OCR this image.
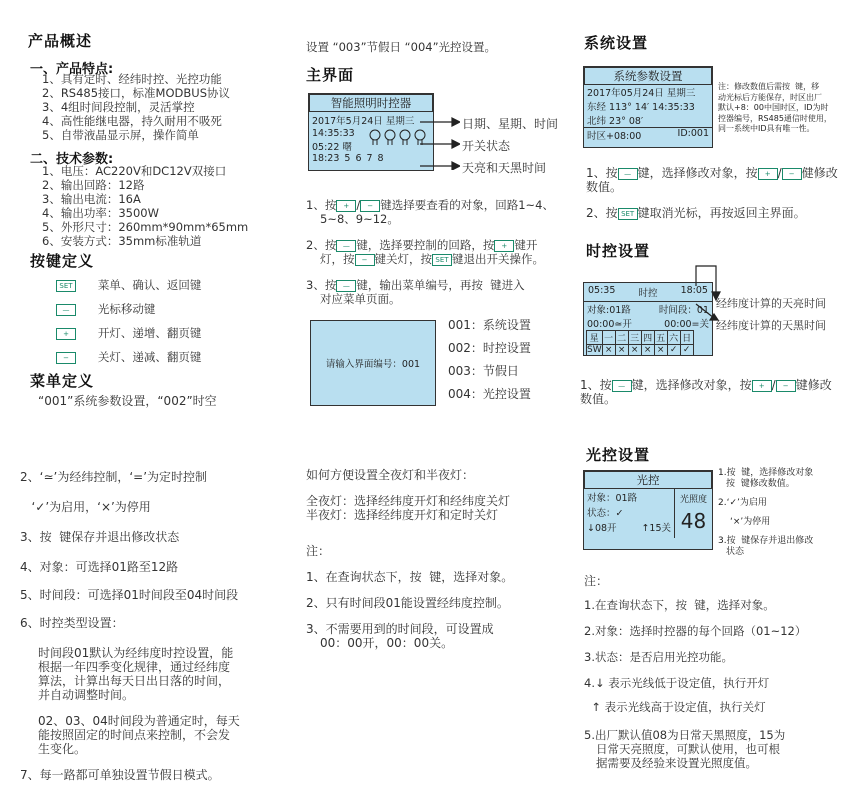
产品概述
一、产品特点:
1、具有定时、经纬时控、光控功能
2、RS485接口，标准MODBUS协议
3、4组时间段控制，灵活掌控
4、高性能继电器，持久耐用不吸死
5、自带液晶显示屏，操作简单
二、技术参数:
1、电压：AC220V和DC12V双接口
2、输出回路：12路
3、输出电流：16A
4、输出功率：3500W
5、外形尺寸：260mm*90mm*65mm
6、安装方式：35mm标准轨道
按键定义
SET 菜单、确认、返回键
— 光标移动键
+	开灯、递增、翻页键
−	关灯、递减、翻页键
菜单定义
“001”系统参数设置，“002”时空
设置 “003”节假日 “004”光控设置。
主界面
智能照明时控器
2017年5月24日 星期三
14:35:33
05:22 曙
18:23 5 6 7 8
日期、星期、时间
开关状态
天亮和天黑时间
1、按 + / − 键选择要查看的对象，回路1~4、
5~8、9~12。
2、按 — 键，选择要控制的回路，按 + 键开
灯，按 − 键关灯，按 SET 键退出开关操作。
3、按 — 键，输出菜单编号，再按  键进入
对应菜单页面。
请输入界面编号：001
001：系统设置
002：时控设置
003：节假日
004：光控设置
系统设置
系统参数设置
2017年05月24日 星期三
东经 113° 14′ 14:35:33
北纬 23° 08′
时区+08:00	ID:001
注：修改数值后需按  键，移
动光标后方能保存，时区出厂
默认+8：00中国时区，ID为时
控器编号，RS485通信时使用，
同一系统中ID具有唯一性。
1、按 — 键，选择修改对象，按 + / − 健修改
数值。
2、按 SET 键取消光标，再按返回主界面。
时控设置
05:35 时控 18:05
对象:01路	时间段：01
00:00≃开	00:00=关
星	一	二	三	四	五	六	日
SW	×	×	×	×	×	✓	✓
经纬度计算的天亮时间
经纬度计算的天黑时间
1、按 — 键，选择修改对象，按 + / − 键修改
数值。
2、‘≃’为经纬控制，‘=’为定时控制
‘✓’为启用，‘×’为停用
3、按  键保存并退出修改状态
4、对象：可选择01路至12路
5、时间段：可选择01时间段至04时间段
6、时控类型设置：
时间段01默认为经纬度时控设置，能
根据一年四季变化规律，通过经纬度
算法，计算出每天日出日落的时间，
并自动调整时间。
02、03、04时间段为普通定时，每天
能按照固定的时间点来控制，不会发
生变化。
7、每一路都可单独设置节假日模式。
如何方便设置全夜灯和半夜灯：
全夜灯：选择经纬度开灯和经纬度关灯
半夜灯：选择经纬度开灯和定时关灯
注：
1、在查询状态下，按  键，选择对象。
2、只有时间段01能设置经纬度控制。
3、不需要用到的时间段，可设置成
00：00开，00：00关。
光控设置
光控
对象：01路
状态：✓
↓08开	↑15关
光照度
48
1.按  键，选择修改对象
按  键修改数值。
2.‘✓’为启用
‘×’为停用
3.按  键保存并退出修改
状态
注：
1.在查询状态下，按  键，选择对象。
2.对象：选择时控器的每个回路（01~12）
3.状态：是否启用光控功能。
4.↓ 表示光线低于设定值，执行开灯
↑ 表示光线高于设定值，执行关灯
5.出厂默认值08为日常天黑照度，15为
日常天亮照度，可默认使用，也可根
据需要及经验来设置光照度值。
